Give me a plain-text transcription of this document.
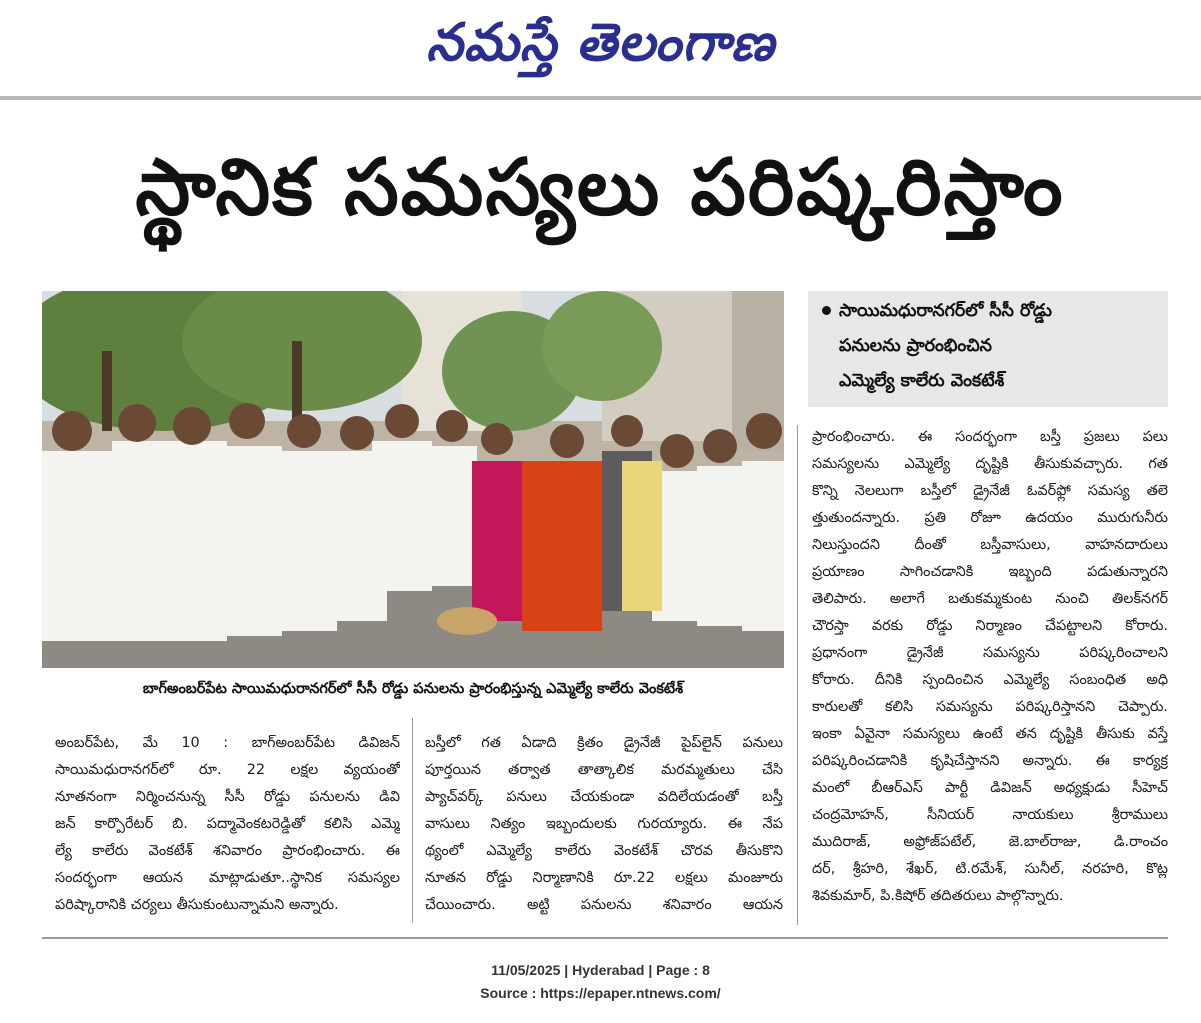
నమస్తే తెలంగాణ
స్థానిక సమస్యలు పరిష్కరిస్తాం
బాగ్‌అంబర్‌పేట సాయిమధురానగర్‌లో సీసీ రోడ్డు పనులను ప్రారంభిస్తున్న ఎమ్మెల్యే కాలేరు వెంకటేశ్
సాయిమధురానగర్‌లో సీసీ రోడ్డు
పనులను ప్రారంభించిన
ఎమ్మెల్యే కాలేరు వెంకటేశ్

అంబర్‌పేట, మే 10 : బాగ్‌అంబర్‌పేట డివిజన్

సాయిమధురానగర్‌లో రూ. 22 లక్షల వ్యయంతో

నూతనంగా నిర్మించనున్న సీసీ రోడ్డు పనులను డివి

జన్ కార్పొరేటర్ బి. పద్మావెంకటరెడ్డితో కలిసి ఎమ్మె

ల్యే కాలేరు వెంకటేశ్ శనివారం ప్రారంభించారు. ఈ

సందర్భంగా ఆయన మాట్లాడుతూ..స్థానిక సమస్యల

పరిష్కారానికి చర్యలు తీసుకుంటున్నామని అన్నారు.

బస్తీలో గత ఏడాది క్రితం డ్రైనేజీ పైప్‌లైన్ పనులు

పూర్తయిన తర్వాత తాత్కాలిక మరమ్మతులు చేసి

ప్యాచ్‌వర్క్ పనులు చేయకుండా వదిలేయడంతో బస్తీ

వాసులు నిత్యం ఇబ్బందులకు గురయ్యారు. ఈ నేప

థ్యంలో ఎమ్మెల్యే కాలేరు వెంకటేశ్ చొరవ తీసుకొని

నూతన రోడ్డు నిర్మాణానికి రూ.22 లక్షలు మంజూరు

చేయించారు. అట్టి పనులను శనివారం ఆయన

ప్రారంభించారు. ఈ సందర్భంగా బస్తీ ప్రజలు పలు

సమస్యలను ఎమ్మెల్యే దృష్టికి తీసుకువచ్చారు. గత

కొన్ని నెలలుగా బస్తీలో డ్రైనేజీ ఓవర్‌ఫ్లో సమస్య తలె

త్తుతుందన్నారు. ప్రతి రోజూ ఉదయం మురుగునీరు

నిలుస్తుందని దీంతో బస్తీవాసులు, వాహనదారులు

ప్రయాణం సాగించడానికి ఇబ్బంది పడుతున్నారని

తెలిపారు. అలాగే బతుకమ్మకుంట నుంచి తిలక్‌నగర్

చౌరస్తా వరకు రోడ్డు నిర్మాణం చేపట్టాలని కోరారు.

ప్రధానంగా డ్రైనేజీ సమస్యను పరిష్కరించాలని

కోరారు. దీనికి స్పందించిన ఎమ్మెల్యే సంబంధిత అధి

కారులతో కలిసి సమస్యను పరిష్కరిస్తానని చెప్పారు.

ఇంకా ఏవైనా సమస్యలు ఉంటే తన దృష్టికి తీసుకు వస్తే

పరిష్కరించడానికి కృషిచేస్తానని అన్నారు. ఈ కార్యక్ర

మంలో బీఆర్‌ఎస్ పార్టీ డివిజన్ అధ్యక్షుడు సీహెచ్

చంద్రమోహన్, సీనియర్ నాయకులు శ్రీరాములు

ముదిరాజ్, అఫ్రోజ్‌పటేల్, జె.బాల్‌రాజు, డి.రాంచం

దర్, శ్రీహరి, శేఖర్, టి.రమేశ్, సునీల్, నరహరి, కొట్ల

శివకుమార్, పి.కిషోర్ తదితరులు పాల్గొన్నారు.

11/05/2025 | Hyderabad | Page : 8
Source : https://epaper.ntnews.com/
